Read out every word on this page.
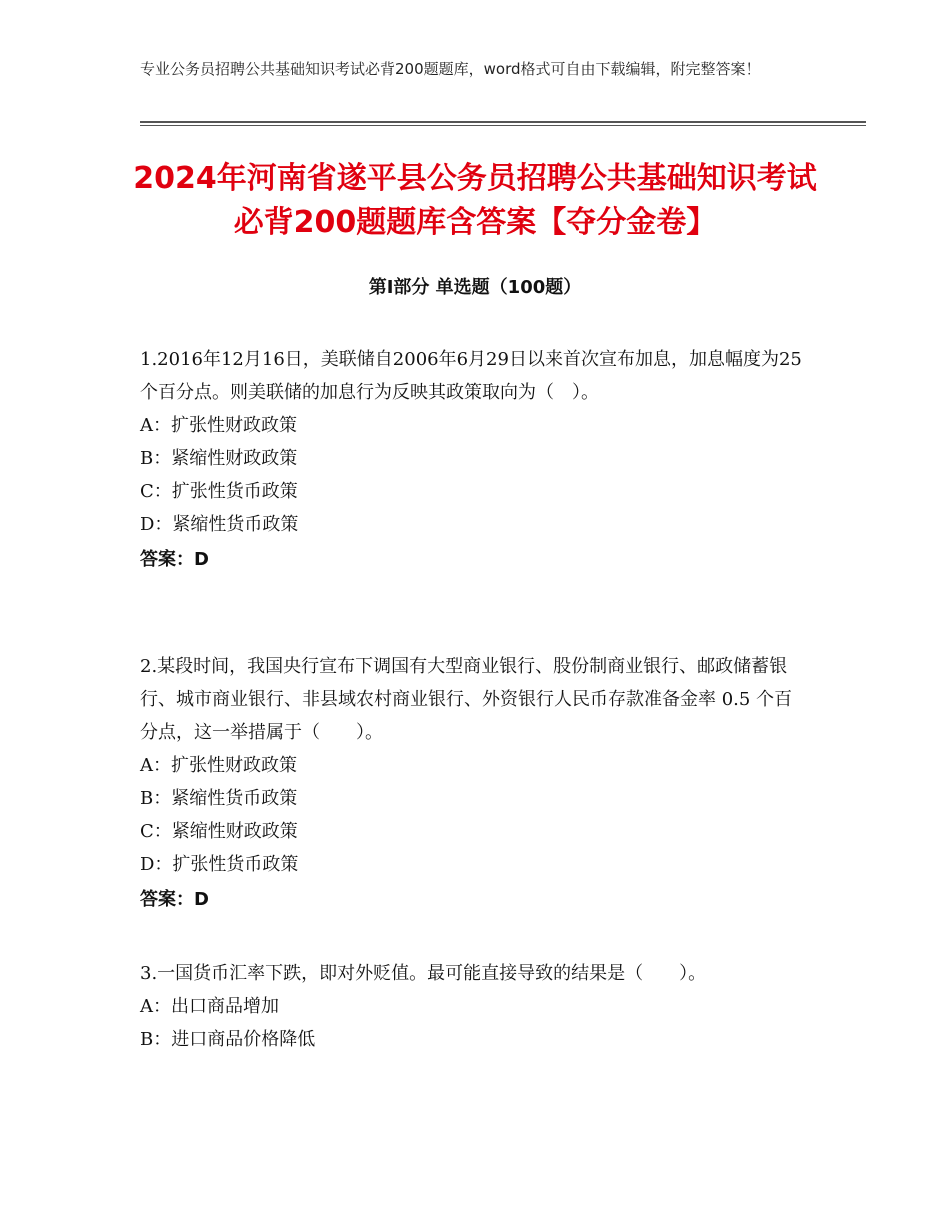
专业公务员招聘公共基础知识考试必背200题题库，word格式可自由下载编辑，附完整答案！
2024年河南省遂平县公务员招聘公共基础知识考试必背200题题库含答案【夺分金卷】
第Ⅰ部分 单选题（100题）

1.2016年12月16日，美联储自2006年6月29日以来首次宣布加息，加息幅度为25个百分点。则美联储的加息行为反映其政策取向为（　）。

A：扩张性财政政策

B：紧缩性财政政策

C：扩张性货币政策

D：紧缩性货币政策

答案：D

2.某段时间，我国央行宣布下调国有大型商业银行、股份制商业银行、邮政储蓄银行、城市商业银行、非县域农村商业银行、外资银行人民币存款准备金率 0.5 个百分点，这一举措属于（　　）。

A：扩张性财政政策

B：紧缩性货币政策

C：紧缩性财政政策

D：扩张性货币政策

答案：D

3.一国货币汇率下跌，即对外贬值。最可能直接导致的结果是（　　）。

A：出口商品增加

B：进口商品价格降低
